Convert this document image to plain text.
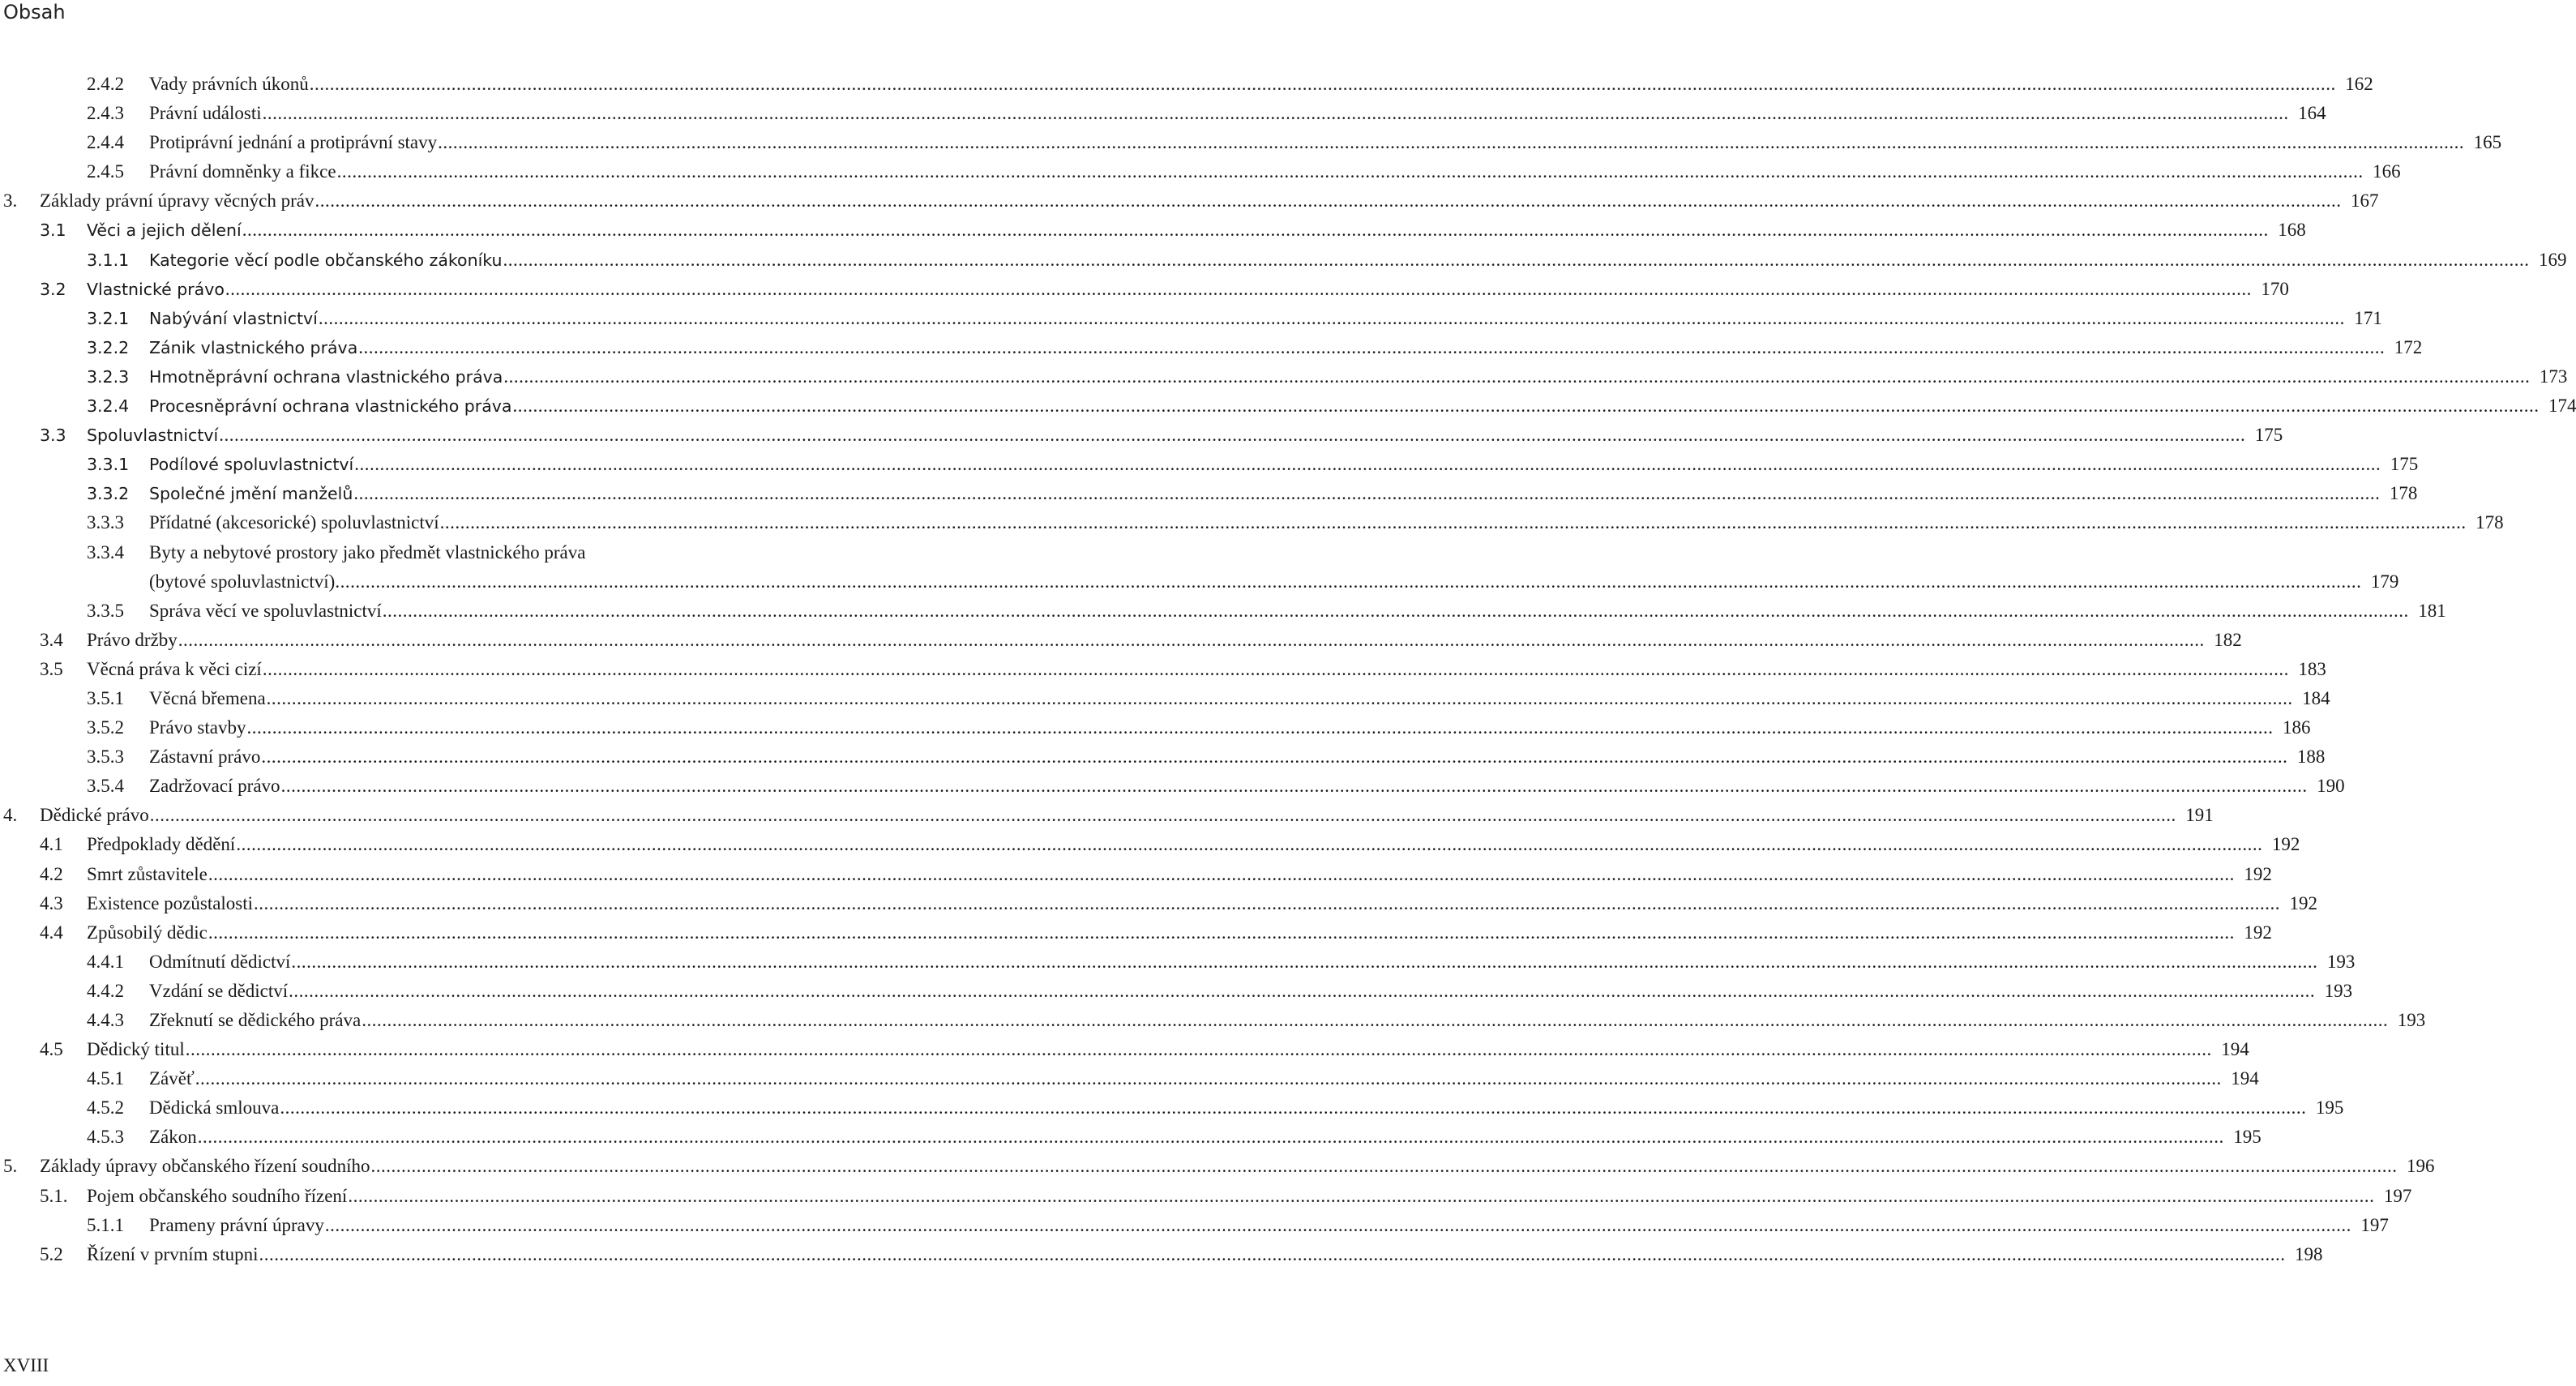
Obsah
2.4.2 Vady právních úkonů ................................................................................................................................................................................................................................................................................................................................................................................................................ 162
2.4.3 Právní události ................................................................................................................................................................................................................................................................................................................................................................................................................ 164
2.4.4 Protiprávní jednání a protiprávní stavy ................................................................................................................................................................................................................................................................................................................................................................................................................ 165
2.4.5 Právní domněnky a fikce ................................................................................................................................................................................................................................................................................................................................................................................................................ 166
3. Základy právní úpravy věcných práv ................................................................................................................................................................................................................................................................................................................................................................................................................ 167
3.1 Věci a jejich dělení ................................................................................................................................................................................................................................................................................................................................................................................................................ 168
3.1.1 Kategorie věcí podle občanského zákoníku ................................................................................................................................................................................................................................................................................................................................................................................................................ 169
3.2 Vlastnické právo ................................................................................................................................................................................................................................................................................................................................................................................................................ 170
3.2.1 Nabývání vlastnictví ................................................................................................................................................................................................................................................................................................................................................................................................................ 171
3.2.2 Zánik vlastnického práva ................................................................................................................................................................................................................................................................................................................................................................................................................ 172
3.2.3 Hmotněprávní ochrana vlastnického práva ................................................................................................................................................................................................................................................................................................................................................................................................................ 173
3.2.4 Procesněprávní ochrana vlastnického práva ................................................................................................................................................................................................................................................................................................................................................................................................................ 174
3.3 Spoluvlastnictví ................................................................................................................................................................................................................................................................................................................................................................................................................ 175
3.3.1 Podílové spoluvlastnictví ................................................................................................................................................................................................................................................................................................................................................................................................................ 175
3.3.2 Společné jmění manželů ................................................................................................................................................................................................................................................................................................................................................................................................................ 178
3.3.3 Přídatné (akcesorické) spoluvlastnictví ................................................................................................................................................................................................................................................................................................................................................................................................................ 178
3.3.4 Byty a nebytové prostory jako předmět vlastnického práva
(bytové spoluvlastnictví) ................................................................................................................................................................................................................................................................................................................................................................................................................ 179
3.3.5 Správa věcí ve spoluvlastnictví ................................................................................................................................................................................................................................................................................................................................................................................................................ 181
3.4 Právo držby ................................................................................................................................................................................................................................................................................................................................................................................................................ 182
3.5 Věcná práva k věci cizí ................................................................................................................................................................................................................................................................................................................................................................................................................ 183
3.5.1 Věcná břemena ................................................................................................................................................................................................................................................................................................................................................................................................................ 184
3.5.2 Právo stavby ................................................................................................................................................................................................................................................................................................................................................................................................................ 186
3.5.3 Zástavní právo ................................................................................................................................................................................................................................................................................................................................................................................................................ 188
3.5.4 Zadržovací právo ................................................................................................................................................................................................................................................................................................................................................................................................................ 190
4. Dědické právo ................................................................................................................................................................................................................................................................................................................................................................................................................ 191
4.1 Předpoklady dědění ................................................................................................................................................................................................................................................................................................................................................................................................................ 192
4.2 Smrt zůstavitele ................................................................................................................................................................................................................................................................................................................................................................................................................ 192
4.3 Existence pozůstalosti ................................................................................................................................................................................................................................................................................................................................................................................................................ 192
4.4 Způsobilý dědic ................................................................................................................................................................................................................................................................................................................................................................................................................ 192
4.4.1 Odmítnutí dědictví ................................................................................................................................................................................................................................................................................................................................................................................................................ 193
4.4.2 Vzdání se dědictví ................................................................................................................................................................................................................................................................................................................................................................................................................ 193
4.4.3 Zřeknutí se dědického práva ................................................................................................................................................................................................................................................................................................................................................................................................................ 193
4.5 Dědický titul ................................................................................................................................................................................................................................................................................................................................................................................................................ 194
4.5.1 Závěť ................................................................................................................................................................................................................................................................................................................................................................................................................ 194
4.5.2 Dědická smlouva ................................................................................................................................................................................................................................................................................................................................................................................................................ 195
4.5.3 Zákon ................................................................................................................................................................................................................................................................................................................................................................................................................ 195
5. Základy úpravy občanského řízení soudního ................................................................................................................................................................................................................................................................................................................................................................................................................ 196
5.1. Pojem občanského soudního řízení ................................................................................................................................................................................................................................................................................................................................................................................................................ 197
5.1.1 Prameny právní úpravy ................................................................................................................................................................................................................................................................................................................................................................................................................ 197
5.2 Řízení v prvním stupni ................................................................................................................................................................................................................................................................................................................................................................................................................ 198
XVIII
